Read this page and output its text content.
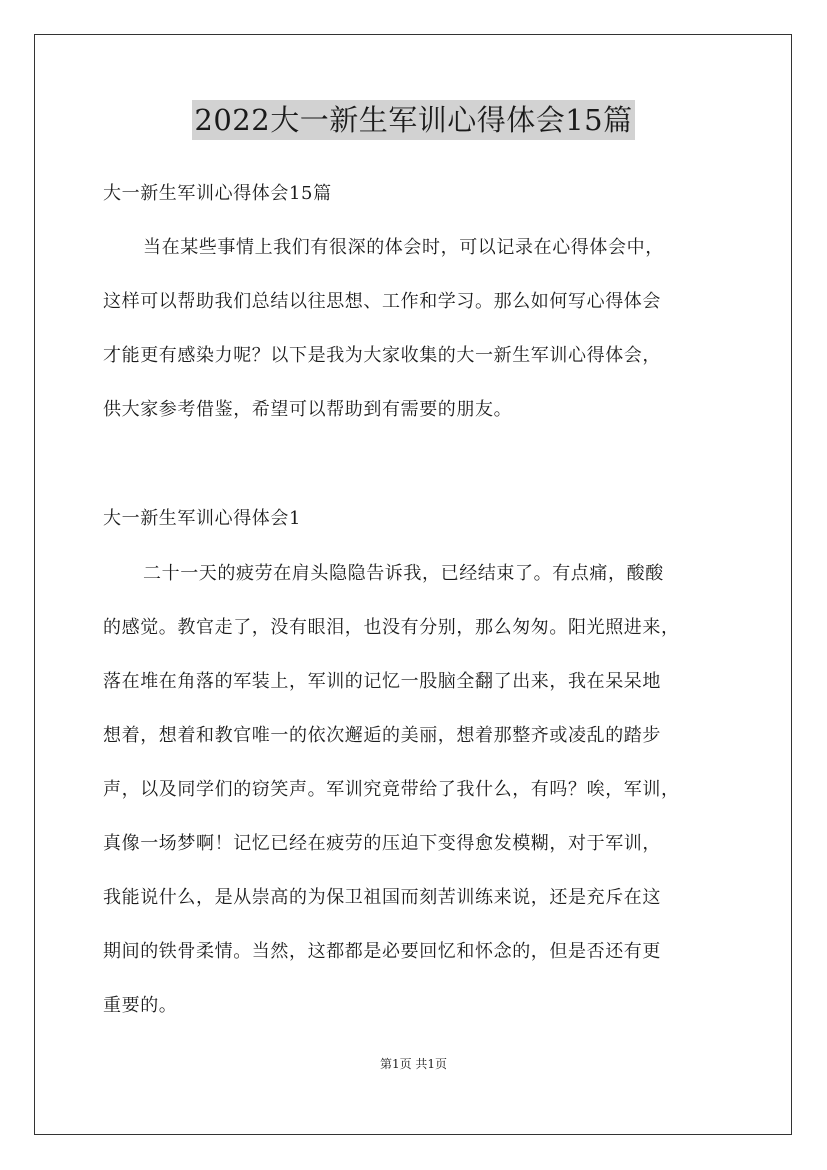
2022大一新生军训心得体会15篇
大一新生军训心得体会15篇
当在某些事情上我们有很深的体会时，可以记录在心得体会中，
这样可以帮助我们总结以往思想、工作和学习。那么如何写心得体会
才能更有感染力呢？以下是我为大家收集的大一新生军训心得体会，
供大家参考借鉴，希望可以帮助到有需要的朋友。
大一新生军训心得体会1
二十一天的疲劳在肩头隐隐告诉我，已经结束了。有点痛，酸酸
的感觉。教官走了，没有眼泪，也没有分别，那么匆匆。阳光照进来，
落在堆在角落的军装上，军训的记忆一股脑全翻了出来，我在呆呆地
想着，想着和教官唯一的依次邂逅的美丽，想着那整齐或凌乱的踏步
声，以及同学们的窃笑声。军训究竟带给了我什么，有吗？唉，军训，
真像一场梦啊！记忆已经在疲劳的压迫下变得愈发模糊，对于军训，
我能说什么，是从崇高的为保卫祖国而刻苦训练来说，还是充斥在这
期间的铁骨柔情。当然，这都都是必要回忆和怀念的，但是否还有更
重要的。
第1页 共1页
